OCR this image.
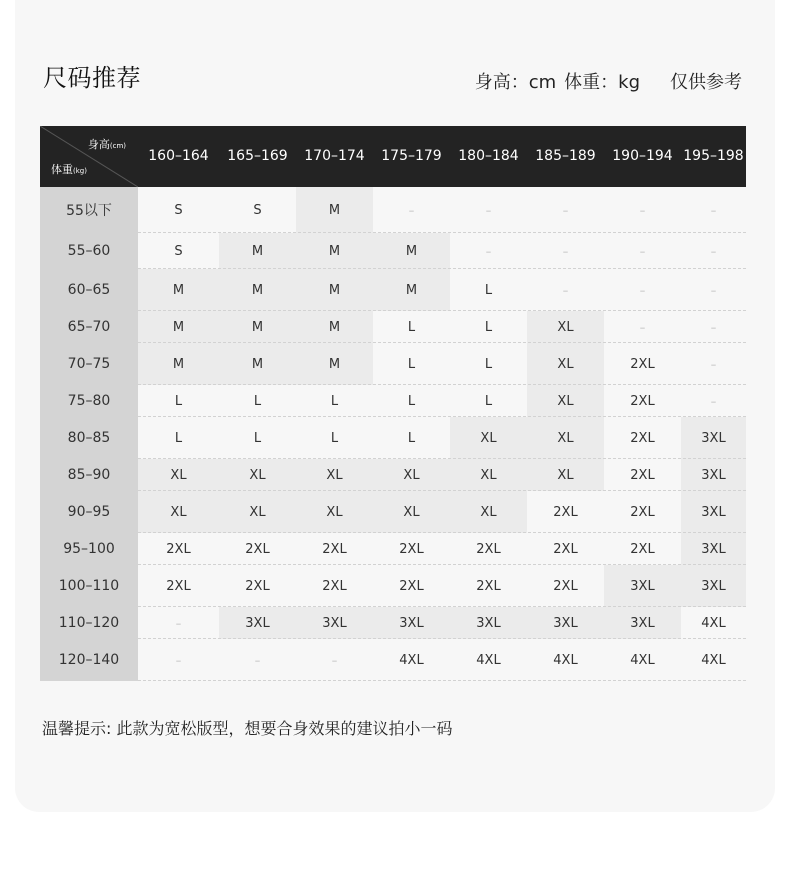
尺码推荐	身高：cm 体重：kg 仅供参考
身高(cm)
体重(kg)
160–164	165–169	170–174	175–179	180–184	185–189	190–194 195–198
55以下	S	S	M	–	–	–	–	–
55–60	S	M	M	M	–	–	–	–
60–65	M	M	M	M	L	–	–	–
65–70	M	M	M	L	L	XL	–	–
70–75	M	M	M	L	L	XL	2XL	–
75–80	L	L	L	L	L	XL	2XL	–
80–85	L	L	L	L	XL	XL	2XL	3XL
85–90	XL	XL	XL	XL	XL	XL	2XL	3XL
90–95	XL	XL	XL	XL	XL	2XL	2XL	3XL
95–100	2XL	2XL	2XL	2XL	2XL	2XL	2XL	3XL
100–110	2XL	2XL	2XL	2XL	2XL	2XL	3XL	3XL
110–120	–	3XL	3XL	3XL	3XL	3XL	3XL	4XL
120–140	–	–	–	4XL	4XL	4XL	4XL	4XL
温馨提示: 此款为宽松版型，想要合身效果的建议拍小一码
